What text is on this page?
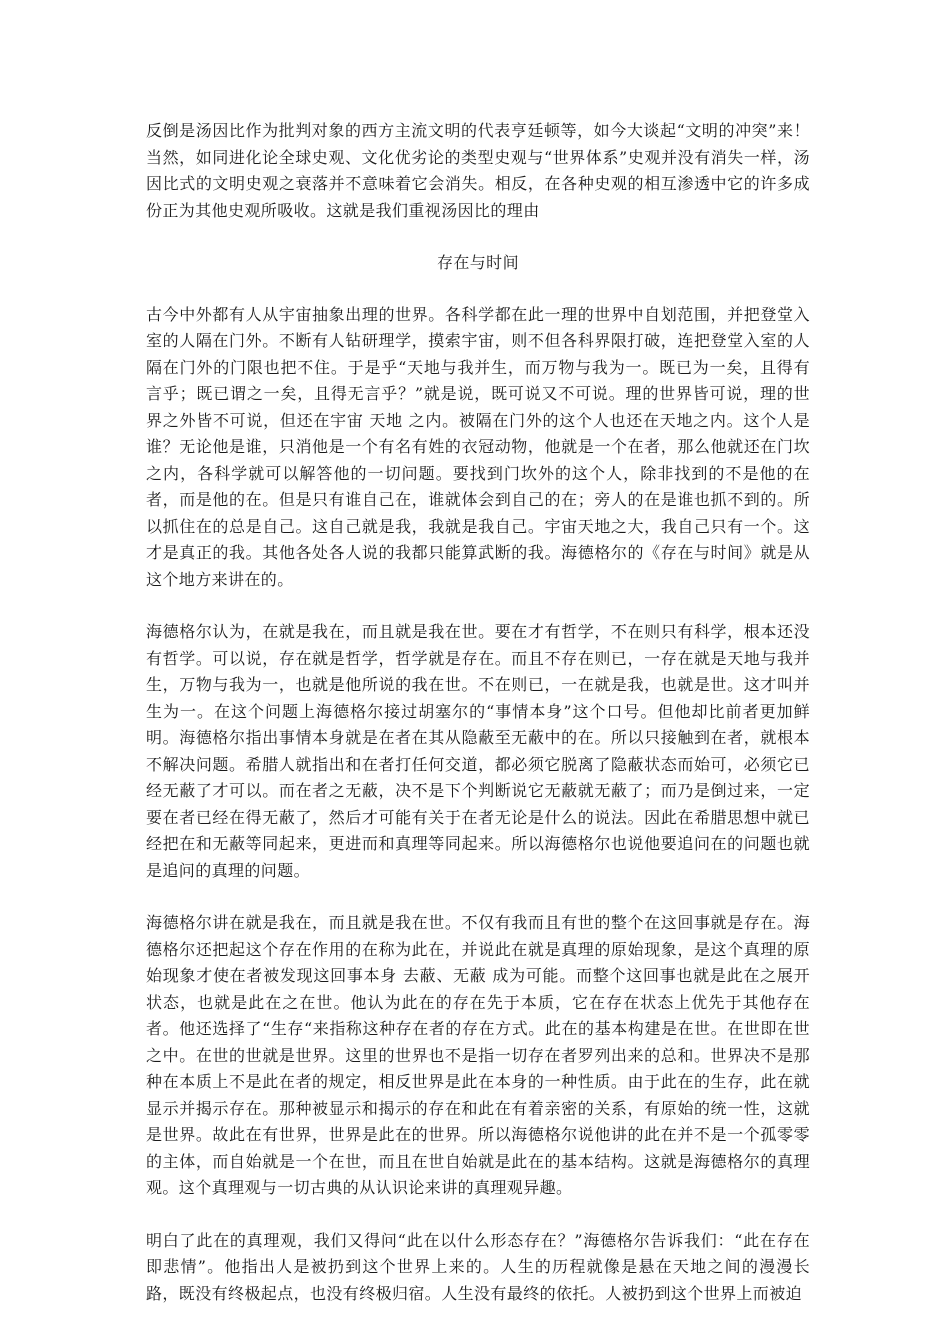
反倒是汤因比作为批判对象的西方主流文明的代表亨廷顿等，如今大谈起“文明的冲突”来！当然，如同进化论全球史观、文化优劣论的类型史观与“世界体系”史观并没有消失一样，汤因比式的文明史观之衰落并不意味着它会消失。相反，在各种史观的相互渗透中它的许多成份正为其他史观所吸收。这就是我们重视汤因比的理由

存在与时间

古今中外都有人从宇宙抽象出理的世界。各科学都在此一理的世界中自划范围，并把登堂入室的人隔在门外。不断有人钻研理学，摸索宇宙，则不但各科界限打破，连把登堂入室的人隔在门外的门限也把不住。于是乎“天地与我并生，而万物与我为一。既已为一矣，且得有言乎；既已谓之一矣，且得无言乎？”就是说，既可说又不可说。理的世界皆可说，理的世界之外皆不可说，但还在宇宙 天地 之内。被隔在门外的这个人也还在天地之内。这个人是谁？无论他是谁，只消他是一个有名有姓的衣冠动物，他就是一个在者，那么他就还在门坎之内，各科学就可以解答他的一切问题。要找到门坎外的这个人，除非找到的不是他的在者，而是他的在。但是只有谁自己在，谁就体会到自己的在；旁人的在是谁也抓不到的。所以抓住在的总是自己。这自己就是我，我就是我自己。宇宙天地之大，我自己只有一个。这才是真正的我。其他各处各人说的我都只能算武断的我。海德格尔的《存在与时间》就是从这个地方来讲在的。

海德格尔认为，在就是我在，而且就是我在世。要在才有哲学，不在则只有科学，根本还没有哲学。可以说，存在就是哲学，哲学就是存在。而且不存在则已，一存在就是天地与我并生，万物与我为一，也就是他所说的我在世。不在则已，一在就是我，也就是世。这才叫并生为一。在这个问题上海德格尔接过胡塞尔的“事情本身”这个口号。但他却比前者更加鲜明。海德格尔指出事情本身就是在者在其从隐蔽至无蔽中的在。所以只接触到在者，就根本不解决问题。希腊人就指出和在者打任何交道，都必须它脱离了隐蔽状态而始可，必须它已经无蔽了才可以。而在者之无蔽，决不是下个判断说它无蔽就无蔽了；而乃是倒过来，一定要在者已经在得无蔽了，然后才可能有关于在者无论是什么的说法。因此在希腊思想中就已经把在和无蔽等同起来，更进而和真理等同起来。所以海德格尔也说他要追问在的问题也就是追问的真理的问题。

海德格尔讲在就是我在，而且就是我在世。不仅有我而且有世的整个在这回事就是存在。海德格尔还把起这个存在作用的在称为此在，并说此在就是真理的原始现象，是这个真理的原始现象才使在者被发现这回事本身 去蔽、无蔽 成为可能。而整个这回事也就是此在之展开状态，也就是此在之在世。他认为此在的存在先于本质，它在存在状态上优先于其他存在者。他还选择了“生存“来指称这种存在者的存在方式。此在的基本构建是在世。在世即在世之中。在世的世就是世界。这里的世界也不是指一切存在者罗列出来的总和。世界决不是那种在本质上不是此在者的规定，相反世界是此在本身的一种性质。由于此在的生存，此在就显示并揭示存在。那种被显示和揭示的存在和此在有着亲密的关系，有原始的统一性，这就是世界。故此在有世界，世界是此在的世界。所以海德格尔说他讲的此在并不是一个孤零零的主体，而自始就是一个在世，而且在世自始就是此在的基本结构。这就是海德格尔的真理观。这个真理观与一切古典的从认识论来讲的真理观异趣。

明白了此在的真理观，我们又得问“此在以什么形态存在？”海德格尔告诉我们：“此在存在即悲情”。他指出人是被扔到这个世界上来的。人生的历程就像是悬在天地之间的漫漫长路，既没有终极起点，也没有终极归宿。人生没有最终的依托。人被扔到这个世界上而被迫
